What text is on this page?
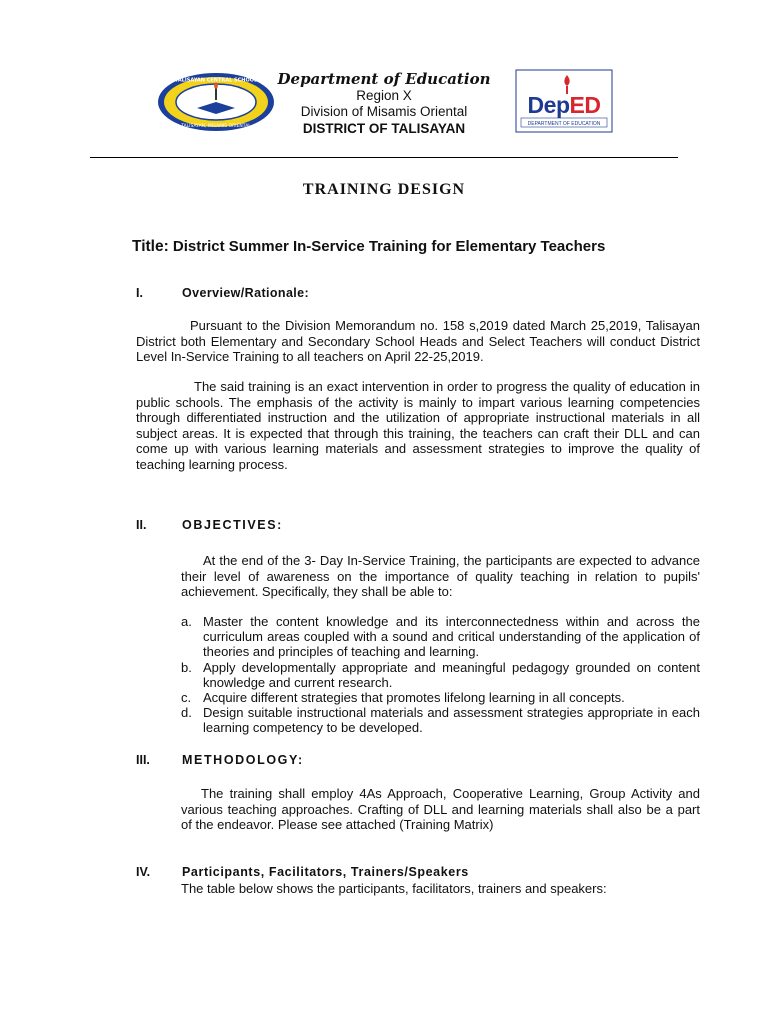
TALISAYAN CENTRAL SCHOOL
TALISAYAN, MISAMIS ORIENTAL
Department of Education
Region X
Division of Misamis Oriental
DISTRICT OF TALISAYAN
DepED
DEPARTMENT OF EDUCATION
TRAINING DESIGN
Title: District Summer In-Service Training for Elementary Teachers
I.	Overview/Rationale:
Pursuant to the Division Memorandum no. 158 s,2019 dated March 25,2019, Talisayan District both Elementary and Secondary School Heads and Select Teachers will conduct District Level In-Service Training to all teachers on April 22-25,2019.
The said training is an exact intervention in order to progress the quality of education in public schools. The emphasis of the activity is mainly to impart various learning competencies through differentiated instruction and the utilization of appropriate instructional materials in all subject areas. It is expected that through this training, the teachers can craft their DLL and can come up with various learning materials and assessment strategies to improve the quality of teaching learning process.
II.	OBJECTIVES:
At the end of the 3- Day In-Service Training, the participants are expected to advance their level of awareness on the importance of quality teaching in relation to pupils' achievement. Specifically, they shall be able to:
a. Master the content knowledge and its interconnectedness within and across the curriculum areas coupled with a sound and critical understanding of the application of theories and principles of teaching and learning.
b. Apply developmentally appropriate and meaningful pedagogy grounded on content knowledge and current research.
c. Acquire different strategies that promotes lifelong learning in all concepts.
d. Design suitable instructional materials and assessment strategies appropriate in each learning competency to be developed.
III.	METHODOLOGY:
The training shall employ 4As Approach, Cooperative Learning, Group Activity and various teaching approaches. Crafting of DLL and learning materials shall also be a part of the endeavor. Please see attached (Training Matrix)
IV.	Participants, Facilitators, Trainers/Speakers
The table below shows the participants, facilitators, trainers and speakers:
